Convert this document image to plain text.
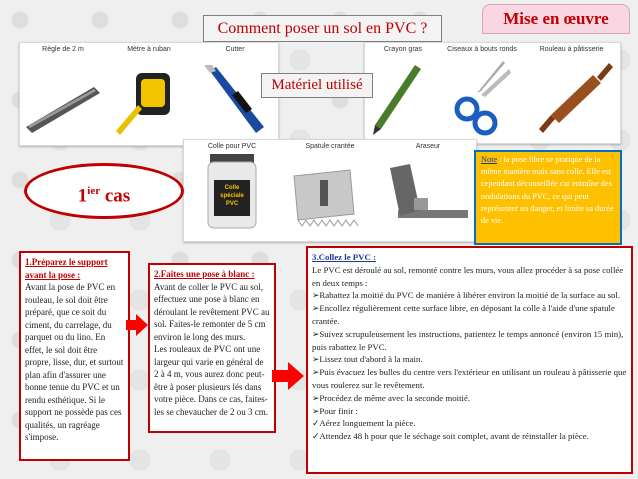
Règle de 2 m	Mètre à ruban	Cutter	Crayon gras	Ciseaux à bouts ronds	Rouleau à pâtisserie
Colle pour PVC
Colle spéciale PVC
Spatule crantée	Araseur
Comment poser un sol en PVC ?
Mise en œuvre
Matériel utilisé
$1^{ier}$ cas
Note : la pose libre se pratique de la même manière mais sans colle. Elle est cependant déconseillée car entraîne des ondulations du PVC, ce qui peut représenter un danger, et limite sa durée de vie.

1.Préparez le support avant la pose :

Avant la pose de PVC en rouleau, le sol doit être préparé, que ce soit du ciment, du carrelage, du parquet ou du lino. En effet, le sol doit être propre, lisse, dur, et surtout plan afin d'assurer une bonne tenue du PVC et un rendu esthétique. Si le support ne possède pas ces qualités, un ragréage s'impose.

2.Faites une pose à blanc :

Avant de coller le PVC au sol, effectuez une pose à blanc en déroulant le revêtement PVC au sol. Faites-le remonter de 5 cm environ le long des murs.

Les rouleaux de PVC ont une largeur qui varie en général de 2 à 4 m, vous aurez donc peut-être à poser plusieurs lés dans votre pièce. Dans ce cas, faites-les se chevaucher de 2 ou 3 cm.

3.Collez le PVC :

Le PVC est déroulé au sol, remonté contre les murs, vous allez procéder à sa pose collée en deux temps :

➢Rabattez la moitié du PVC de manière à libérer environ la moitié de la surface au sol.

➢Encollez régulièrement cette surface libre, en déposant la colle à l'aide d'une spatule crantée.

➢Suivez scrupuleusement les instructions, patientez le temps annoncé (environ 15 min), puis rabattez le PVC.

➢Lissez tout d'abord à la main.

➢Puis évacuez les bulles du centre vers l'extérieur en utilisant un rouleau à pâtisserie que vous roulerez sur le revêtement.

➢Procédez de même avec la seconde moitié.

➢Pour finir :

✓Aérez longuement la pièce.

✓Attendez 48 h pour que le séchage soit complet, avant de réinstaller la pièce.
